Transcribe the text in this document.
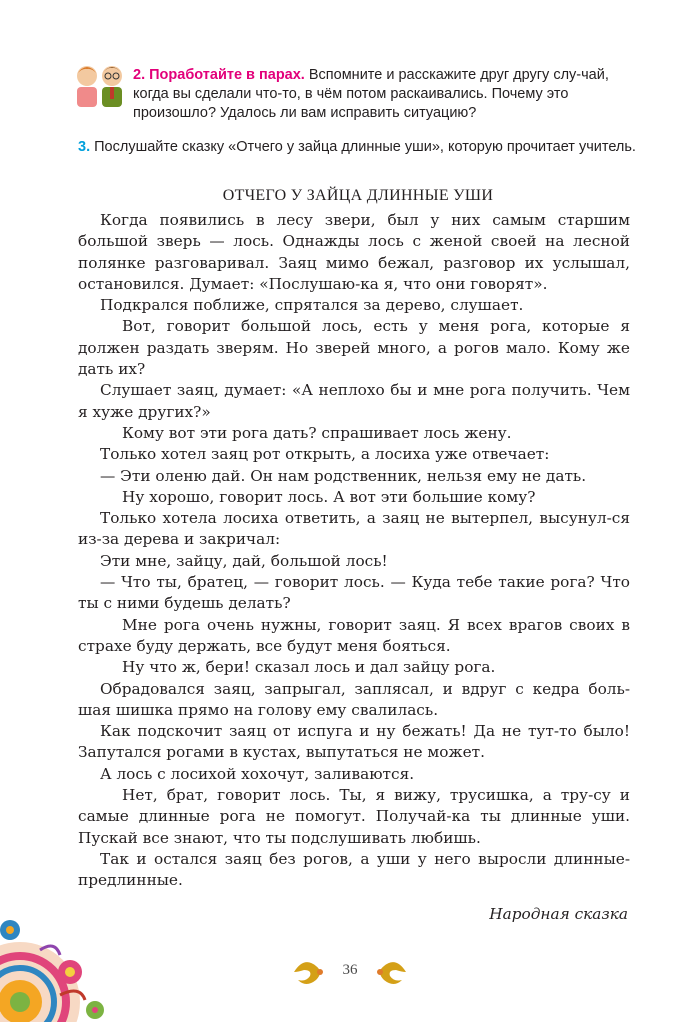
2. Поработайте в парах. Вспомните и расскажите друг другу слу-чай, когда вы сделали что-то, в чём потом раскаивались. Почему это произошло? Удалось ли вам исправить ситуацию?
3. Послушайте сказку «Отчего у зайца длинные уши», которую прочитает учитель.
ОТЧЕГО У ЗАЙЦА ДЛИННЫЕ УШИ

Когда появились в лесу звери, был у них самым старшим большой зверь — лось. Однажды лось с женой своей на лесной полянке разговаривал. Заяц мимо бежал, разговор их услышал, остановился. Думает: «Послушаю-ка я, что они говорят».

Подкрался поближе, спрятался за дерево, слушает.

Вот, говорит большой лось, есть у меня рога, которые я должен раздать зверям. Но зверей много, а рогов мало. Кому же дать их?

Слушает заяц, думает: «А неплохо бы и мне рога получить. Чем я хуже других?»

Кому вот эти рога дать? спрашивает лось жену.

Только хотел заяц рот открыть, а лосиха уже отвечает:

— Эти оленю дай. Он нам родственник, нельзя ему не дать.

Ну хорошо, говорит лось. А вот эти большие кому?

Только хотела лосиха ответить, а заяц не вытерпел, высунул-ся из-за дерева и закричал:

Эти мне, зайцу, дай, большой лось!

— Что ты, братец, — говорит лось. — Куда тебе такие рога? Что ты с ними будешь делать?

Мне рога очень нужны, говорит заяц. Я всех врагов своих в страхе буду держать, все будут меня бояться.

Ну что ж, бери! сказал лось и дал зайцу рога.

Обрадовался заяц, запрыгал, заплясал, и вдруг с кедра боль-шая шишка прямо на голову ему свалилась.

Как подскочит заяц от испуга и ну бежать! Да не тут-то было! Запутался рогами в кустах, выпутаться не может.

А лось с лосихой хохочут, заливаются.

Нет, брат, говорит лось. Ты, я вижу, трусишка, а тру-су и самые длинные рога не помогут. Получай-ка ты длинные уши. Пускай все знают, что ты подслушивать любишь.

Так и остался заяц без рогов, а уши у него выросли длинные-предлинные.

Народная сказка
36
